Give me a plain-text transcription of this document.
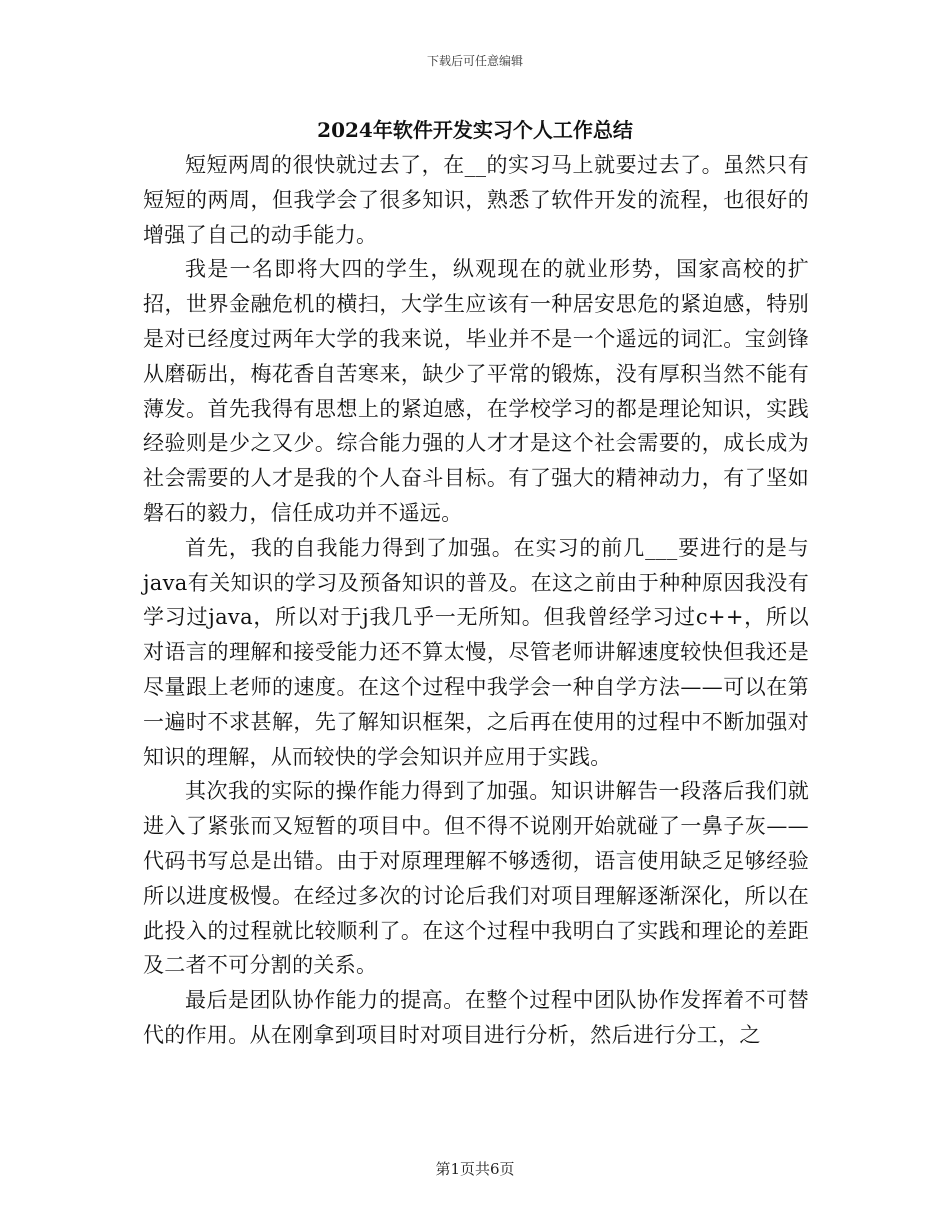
下载后可任意编辑
2024年软件开发实习个人工作总结

短短两周的很快就过去了，在__的实习马上就要过去了。虽然只有短短的两周，但我学会了很多知识，熟悉了软件开发的流程，也很好的增强了自己的动手能力。

我是一名即将大四的学生，纵观现在的就业形势，国家高校的扩招，世界金融危机的横扫，大学生应该有一种居安思危的紧迫感，特别是对已经度过两年大学的我来说，毕业并不是一个遥远的词汇。宝剑锋从磨砺出，梅花香自苦寒来，缺少了平常的锻炼，没有厚积当然不能有薄发。首先我得有思想上的紧迫感，在学校学习的都是理论知识，实践经验则是少之又少。综合能力强的人才才是这个社会需要的，成长成为社会需要的人才是我的个人奋斗目标。有了强大的精神动力，有了坚如磐石的毅力，信任成功并不遥远。

首先，我的自我能力得到了加强。在实习的前几___要进行的是与java有关知识的学习及预备知识的普及。在这之前由于种种原因我没有学习过java，所以对于j我几乎一无所知。但我曾经学习过c++，所以对语言的理解和接受能力还不算太慢，尽管老师讲解速度较快但我还是尽量跟上老师的速度。在这个过程中我学会一种自学方法——可以在第一遍时不求甚解，先了解知识框架，之后再在使用的过程中不断加强对知识的理解，从而较快的学会知识并应用于实践。

其次我的实际的操作能力得到了加强。知识讲解告一段落后我们就进入了紧张而又短暂的项目中。但不得不说刚开始就碰了一鼻子灰——代码书写总是出错。由于对原理理解不够透彻，语言使用缺乏足够经验所以进度极慢。在经过多次的讨论后我们对项目理解逐渐深化，所以在此投入的过程就比较顺利了。在这个过程中我明白了实践和理论的差距及二者不可分割的关系。

最后是团队协作能力的提高。在整个过程中团队协作发挥着不可替代的作用。从在刚拿到项目时对项目进行分析，然后进行分工，之

第1页共6页
